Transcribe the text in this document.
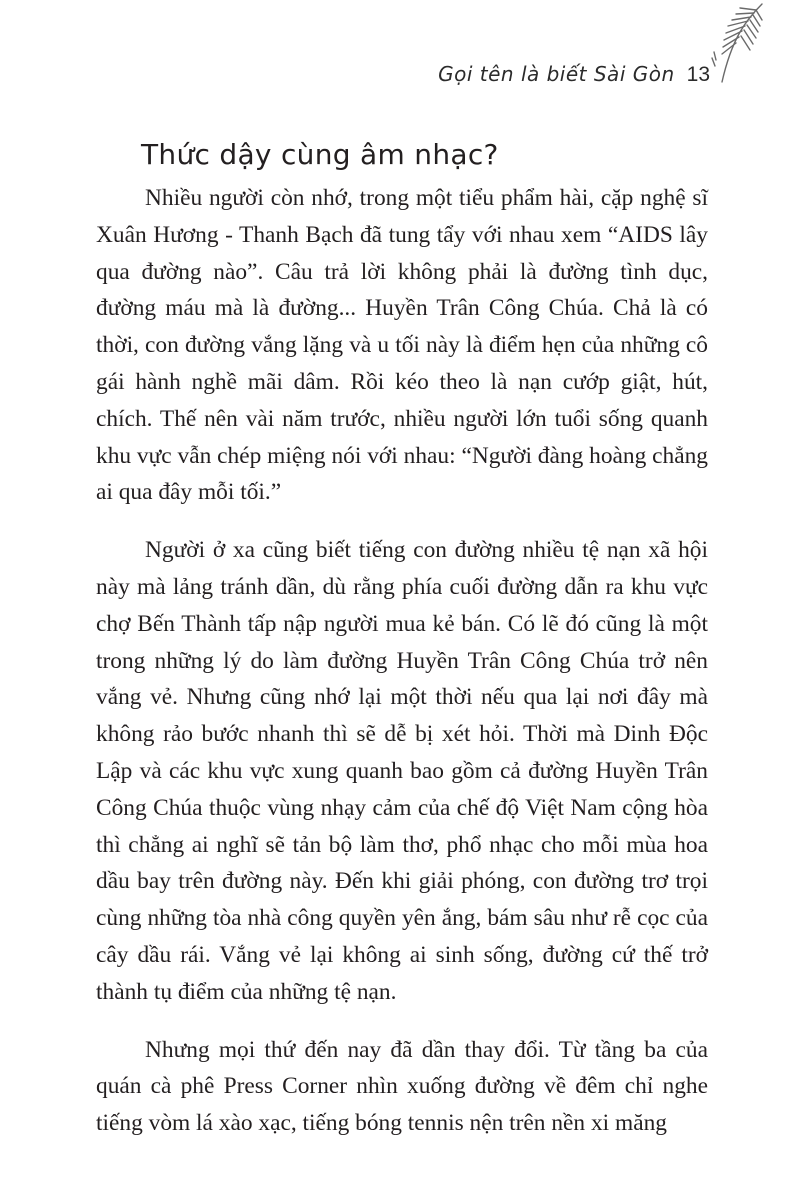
Gọi tên là biết Sài Gòn 13
Thức dậy cùng âm nhạc?

Nhiều người còn nhớ, trong một tiểu phẩm hài, cặp nghệ sĩ Xuân Hương - Thanh Bạch đã tung tẩy với nhau xem “AIDS lây qua đường nào”. Câu trả lời không phải là đường tình dục, đường máu mà là đường... Huyền Trân Công Chúa. Chả là có thời, con đường vắng lặng và u tối này là điểm hẹn của những cô gái hành nghề mãi dâm. Rồi kéo theo là nạn cướp giật, hút, chích. Thế nên vài năm trước, nhiều người lớn tuổi sống quanh khu vực vẫn chép miệng nói với nhau: “Người đàng hoàng chẳng ai qua đây mỗi tối.”

Người ở xa cũng biết tiếng con đường nhiều tệ nạn xã hội này mà lảng tránh dần, dù rằng phía cuối đường dẫn ra khu vực chợ Bến Thành tấp nập người mua kẻ bán. Có lẽ đó cũng là một trong những lý do làm đường Huyền Trân Công Chúa trở nên vắng vẻ. Nhưng cũng nhớ lại một thời nếu qua lại nơi đây mà không rảo bước nhanh thì sẽ dễ bị xét hỏi. Thời mà Dinh Độc Lập và các khu vực xung quanh bao gồm cả đường Huyền Trân Công Chúa thuộc vùng nhạy cảm của chế độ Việt Nam cộng hòa thì chẳng ai nghĩ sẽ tản bộ làm thơ, phổ nhạc cho mỗi mùa hoa dầu bay trên đường này. Đến khi giải phóng, con đường trơ trọi cùng những tòa nhà công quyền yên ắng, bám sâu như rễ cọc của cây dầu rái. Vắng vẻ lại không ai sinh sống, đường cứ thế trở thành tụ điểm của những tệ nạn.

Nhưng mọi thứ đến nay đã dần thay đổi. Từ tầng ba của quán cà phê Press Corner nhìn xuống đường về đêm chỉ nghe tiếng vòm lá xào xạc, tiếng bóng tennis nện trên nền xi măng
